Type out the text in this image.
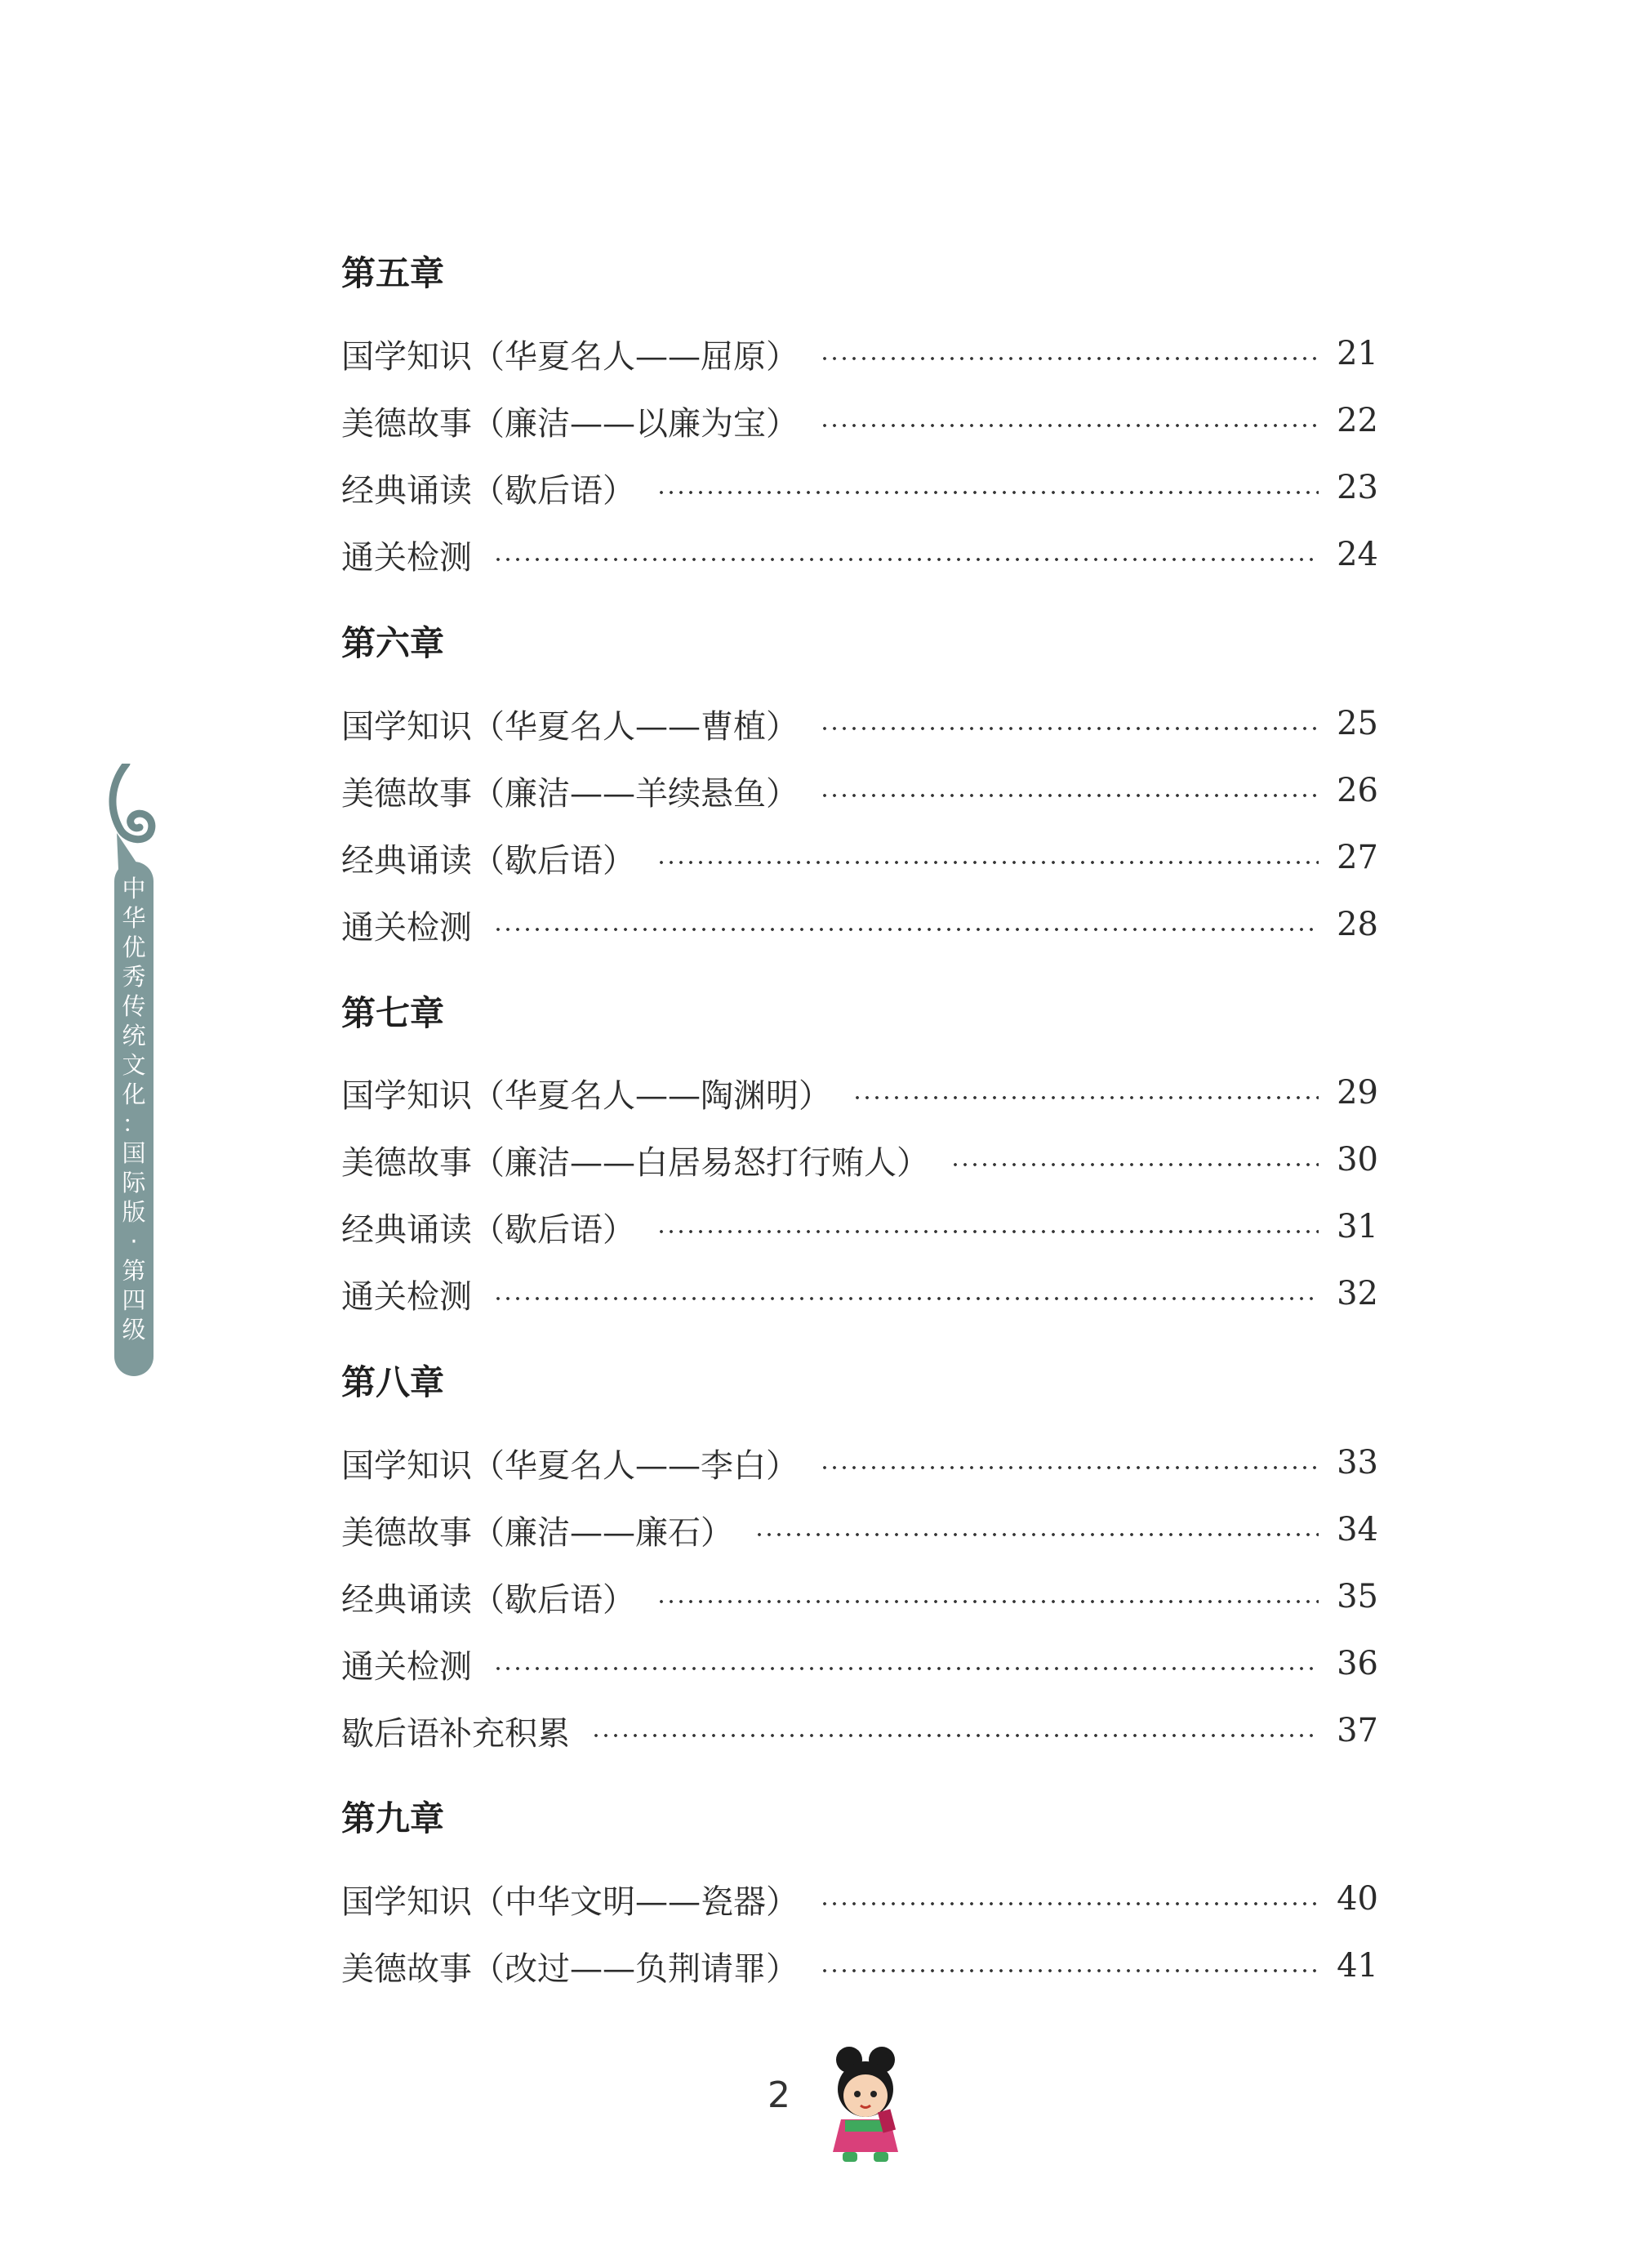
中
华
优
秀
传
统
文
化
：
国
际
版
·
第
四
级
第五章
国学知识（华夏名人——屈原）	21
美德故事（廉洁——以廉为宝）	22
经典诵读（歇后语）	23
通关检测	24
第六章
国学知识（华夏名人——曹植）	25
美德故事（廉洁——羊续悬鱼）	26
经典诵读（歇后语）	27
通关检测	28
第七章
国学知识（华夏名人——陶渊明）	29
美德故事（廉洁——白居易怒打行贿人）	30
经典诵读（歇后语）	31
通关检测	32
第八章
国学知识（华夏名人——李白）	33
美德故事（廉洁——廉石）	34
经典诵读（歇后语）	35
通关检测	36
歇后语补充积累	37
第九章
国学知识（中华文明——瓷器）	40
美德故事（改过——负荆请罪）	41
2
